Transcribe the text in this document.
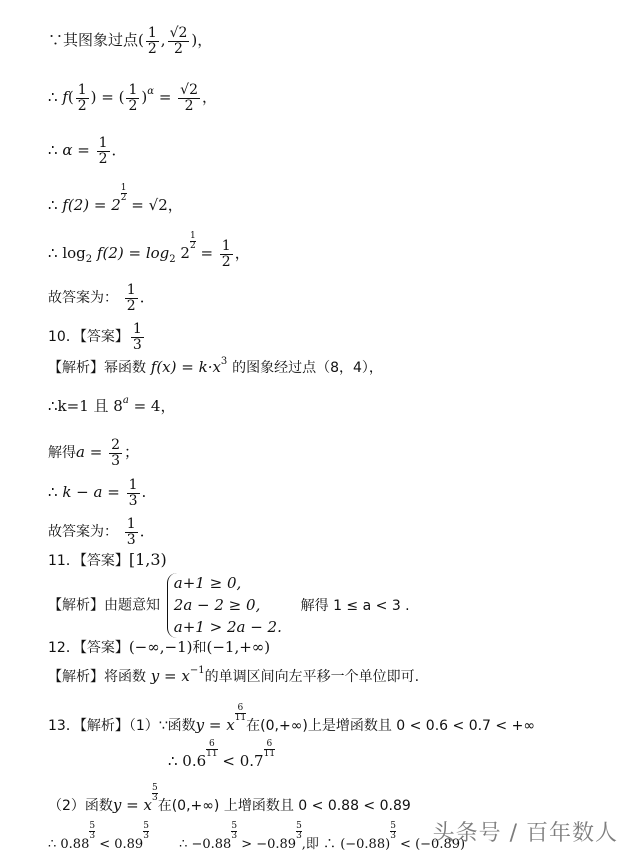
∵其图象过点( $\frac{1}{2}$ , $\frac{√2}{2}$ )，
∴ $f( \frac{1}{2}$ ) = ( $\frac{1}{2} )^\alpha = \frac{√2}{2}$ ，
∴ $\alpha = \frac{1}{2}$ ．
∴ f(2) = 2
$\frac{1}{2}$
= √2，
∴ $\log_2 f(2) = \log_2 2$
$\frac{1}{2}$
= $\frac{1}{2}$ ，
故答案为： $\frac{1}{2}$ ．
10．【答案】 $\frac{1}{3}$
【解析】幂函数 $f(x) = k\cdot x^3$ 的图象经过点（8，4），
∴k=1 且 $8^a = 4$，
解得$a = \frac{2}{3}$ ；
∴ $k - a = \frac{1}{3}$ .
故答案为： $\frac{1}{3}$ ．
11．【答案】[1,3)
【解析】由题意知
a+1 ≥ 0,
2a − 2 ≥ 0,
a+1 > 2a − 2.
解得 1 ≤ a < 3 .
12．【答案】(−∞,−1)和(−1,+∞)
【解析】将函数 $y = x^{-1}$的单调区间向左平移一个单位即可.
13．【解析】（1）∵函数y = x
$\frac{6}{11}$
在(0,+∞)上是增函数且 0 < 0.6 < 0.7 < +∞
∴ 0.6
$\frac{6}{11}$
< 0.7
$\frac{6}{11}$
（2）函数y = x
$\frac{5}{3}$
在(0,+∞) 上增函数且 0 < 0.88 < 0.89
∴ 0.88
$\frac{5}{3}$
< 0.89
$\frac{5}{3}$
∴ −0.88
$\frac{5}{3}$
> −0.89
$\frac{5}{3}$
,即 ∴ (−0.88)
$\frac{5}{3}$
< (−0.89)
头条号 / 百年数人
